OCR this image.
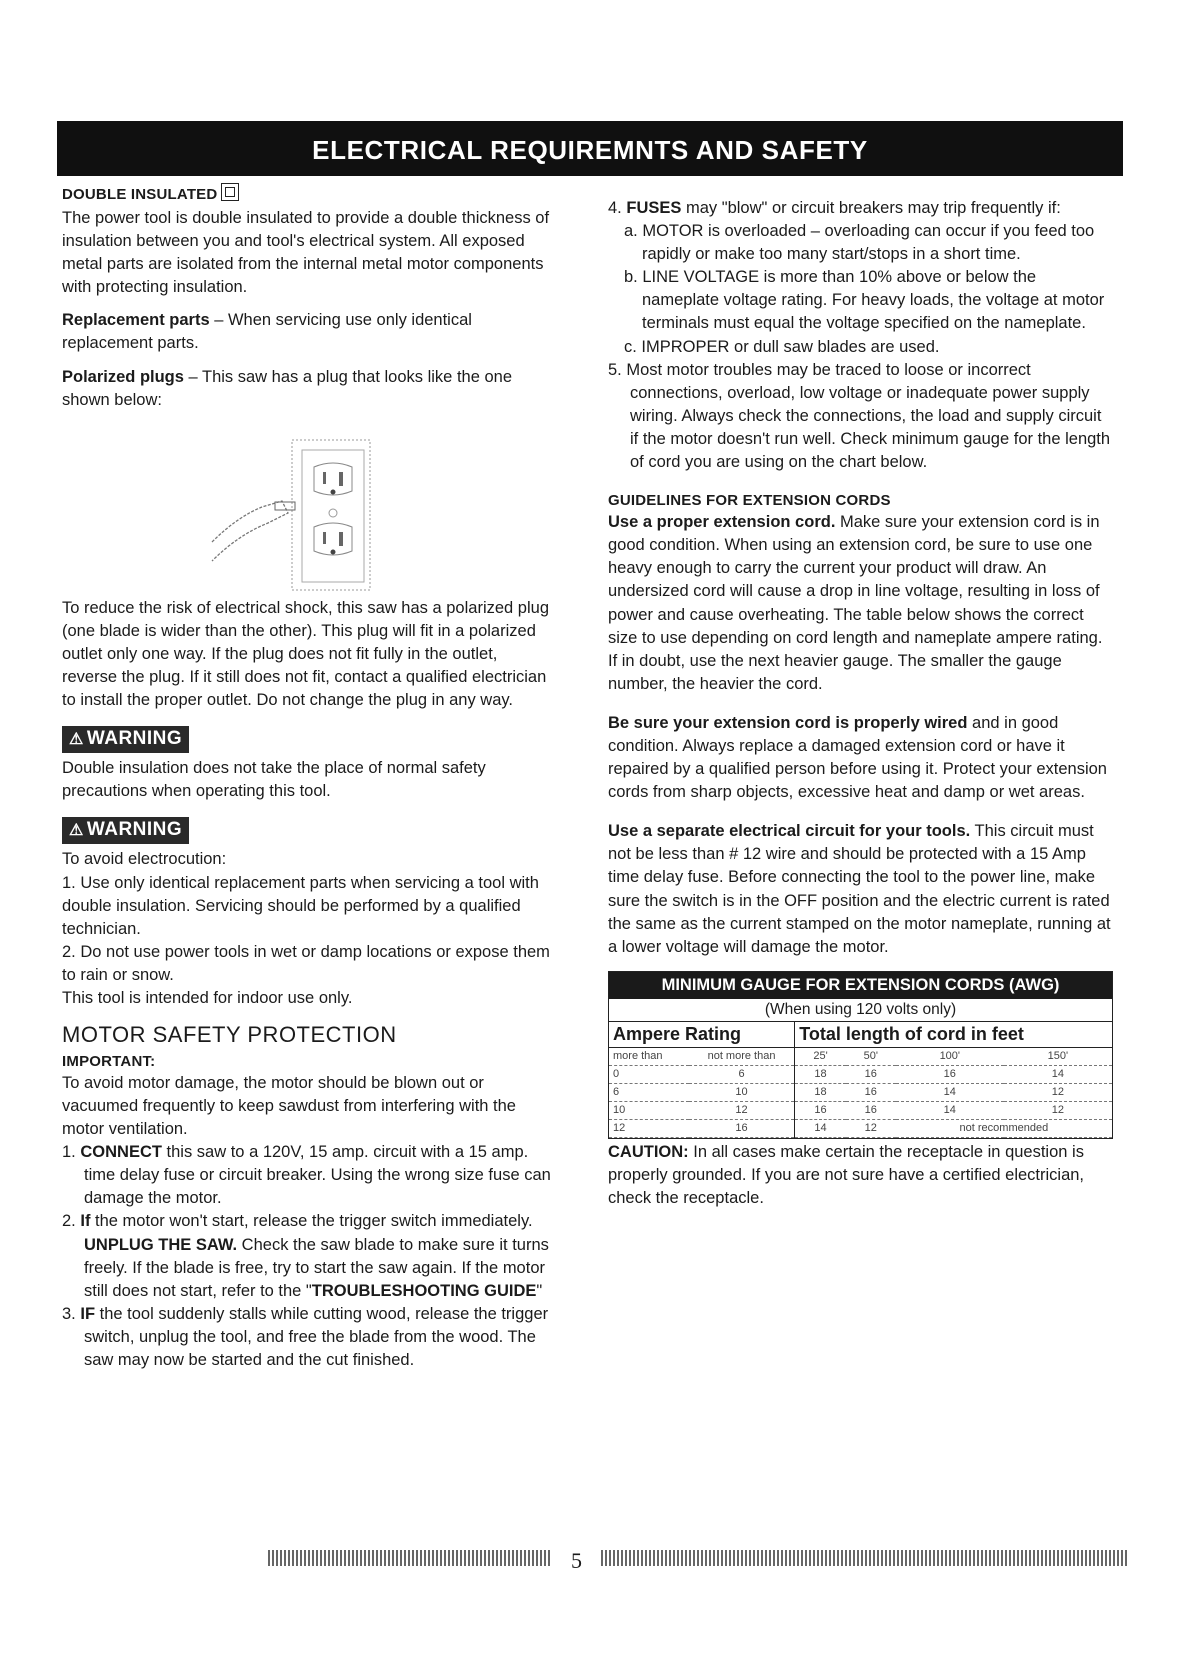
ELECTRICAL REQUIREMNTS AND SAFETY

DOUBLE INSULATED

The power tool is double insulated to provide a double thickness of insulation between you and tool's electrical system. All exposed metal parts are isolated from the internal metal motor components with protecting insulation.

Replacement parts – When servicing use only identical replacement parts.

Polarized plugs – This saw has a plug that looks like the one shown below:

To reduce the risk of electrical shock, this saw has a polarized plug (one blade is wider than the other). This plug will fit in a polarized outlet only one way. If the plug does not fit fully in the outlet, reverse the plug. If it still does not fit, contact a qualified electrician to install the proper outlet. Do not change the plug in any way.

⚠ WARNING

Double insulation does not take the place of normal safety precautions when operating this tool.

⚠ WARNING
To avoid electrocution:
1. Use only identical replacement parts when servicing a tool with double insulation. Servicing should be performed by a qualified technician.
2. Do not use power tools in wet or damp locations or expose them to rain or snow.
This tool is intended for indoor use only.
MOTOR SAFETY PROTECTION
IMPORTANT:
To avoid motor damage, the motor should be blown out or vacuumed frequently to keep sawdust from interfering with the motor ventilation.
1. CONNECT this saw to a 120V, 15 amp. circuit with a 15 amp. time delay fuse or circuit breaker. Using the wrong size fuse can damage the motor.
2. If the motor won't start, release the trigger switch immediately. UNPLUG THE SAW. Check the saw blade to make sure it turns freely. If the blade is free, try to start the saw again. If the motor still does not start, refer to the "TROUBLESHOOTING GUIDE"
3. IF the tool suddenly stalls while cutting wood, release the trigger switch, unplug the tool, and free the blade from the wood. The saw may now be started and the cut finished.
4. FUSES may "blow" or circuit breakers may trip frequently if:
a. MOTOR is overloaded – overloading can occur if you feed too rapidly or make too many start/stops in a short time.
b. LINE VOLTAGE is more than 10% above or below the nameplate voltage rating. For heavy loads, the voltage at motor terminals must equal the voltage specified on the nameplate.
c. IMPROPER or dull saw blades are used.

5. Most motor troubles may be traced to loose or incorrect connections, overload, low voltage or inadequate power supply wiring. Always check the connections, the load and supply circuit if the motor doesn't run well. Check minimum gauge for the length of cord you are using on the chart below.

GUIDELINES FOR EXTENSION CORDS

Use a proper extension cord. Make sure your extension cord is in good condition. When using an extension cord, be sure to use one heavy enough to carry the current your product will draw. An undersized cord will cause a drop in line voltage, resulting in loss of power and cause overheating. The table below shows the correct size to use depending on cord length and nameplate ampere rating. If in doubt, use the next heavier gauge. The smaller the gauge number, the heavier the cord.

Be sure your extension cord is properly wired and in good condition. Always replace a damaged extension cord or have it repaired by a qualified person before using it. Protect your extension cords from sharp objects, excessive heat and damp or wet areas.

Use a separate electrical circuit for your tools. This circuit must not be less than # 12 wire and should be protected with a 15 Amp time delay fuse. Before connecting the tool to the power line, make sure the switch is in the OFF position and the electric current is rated the same as the current stamped on the motor nameplate, running at a lower voltage will damage the motor.

MINIMUM GAUGE FOR EXTENSION CORDS (AWG)
(When using 120 volts only)
Ampere Rating		Total length of cord in feet			
more than	not more than	25'	50'	100'	150'
0	6	18	16	16	14
6	10	18	16	14	12
10	12	16	16	14	12
12	16	14	12	not recommended	

CAUTION: In all cases make certain the receptacle in question is properly grounded. If you are not sure have a certified electrician, check the receptacle.

5
